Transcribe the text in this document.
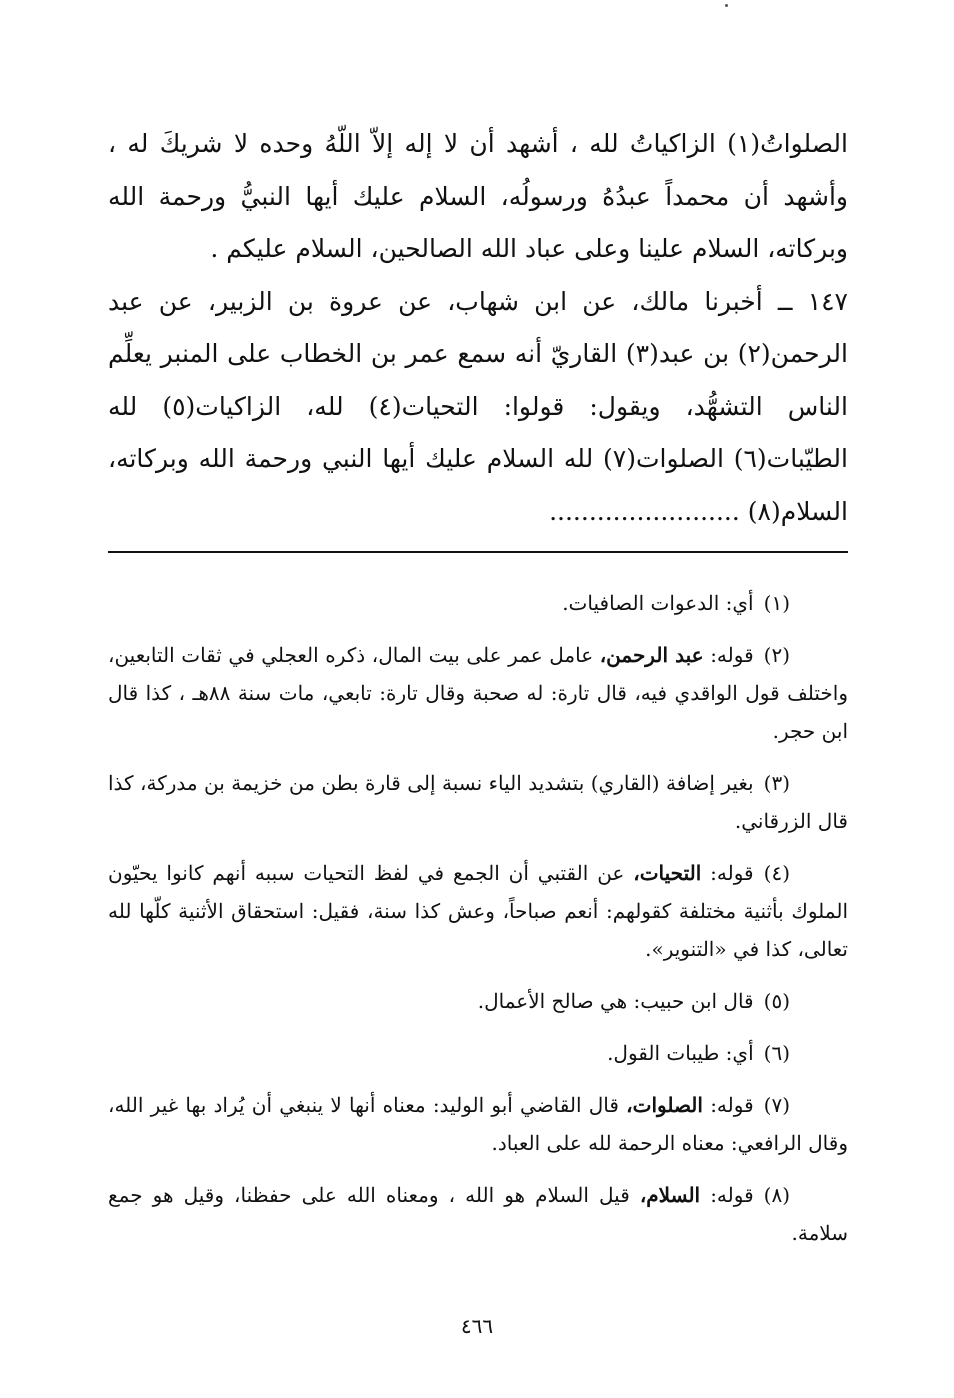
الصلواتُ(١) الزاكياتُ لله ، أشهد أن لا إله إلاّ اللّهُ وحده لا شريكَ له ، وأشهد أن محمداً عبدُهُ ورسولُه، السلام عليك أيها النبيُّ ورحمة الله وبركاته، السلام علينا وعلى عباد الله الصالحين، السلام عليكم .

١٤٧ ــ أخبرنا مالك، عن ابن شهاب، عن عروة بن الزبير، عن عبد الرحمن(٢) بن عبد(٣) القاريّ أنه سمع عمر بن الخطاب على المنبر يعلِّم الناس التشهُّد، ويقول: قولوا: التحيات(٤) لله، الزاكيات(٥) لله الطيّبات(٦) الصلوات(٧) لله السلام عليك أيها النبي ورحمة الله وبركاته، السلام(٨) ........................

(١)أي: الدعوات الصافيات.

(٢)قوله: عبد الرحمن، عامل عمر على بيت المال، ذكره العجلي في ثقات التابعين، واختلف قول الواقدي فيه، قال تارة: له صحبة وقال تارة: تابعي، مات سنة ٨٨هـ ، كذا قال ابن حجر.

(٣)بغير إضافة (القاري) بتشديد الياء نسبة إلى قارة بطن من خزيمة بن مدركة، كذا قال الزرقاني.

(٤)قوله: التحيات، عن القتبي أن الجمع في لفظ التحيات سببه أنهم كانوا يحيّون الملوك بأثنية مختلفة كقولهم: أنعم صباحاً، وعش كذا سنة، فقيل: استحقاق الأثنية كلّها لله تعالى، كذا في «التنوير».

(٥)قال ابن حبيب: هي صالح الأعمال.

(٦)أي: طيبات القول.

(٧)قوله: الصلوات، قال القاضي أبو الوليد: معناه أنها لا ينبغي أن يُراد بها غير الله، وقال الرافعي: معناه الرحمة لله على العباد.

(٨)قوله: السلام، قيل السلام هو الله ، ومعناه الله على حفظنا، وقيل هو جمع سلامة.

٤٦٦
